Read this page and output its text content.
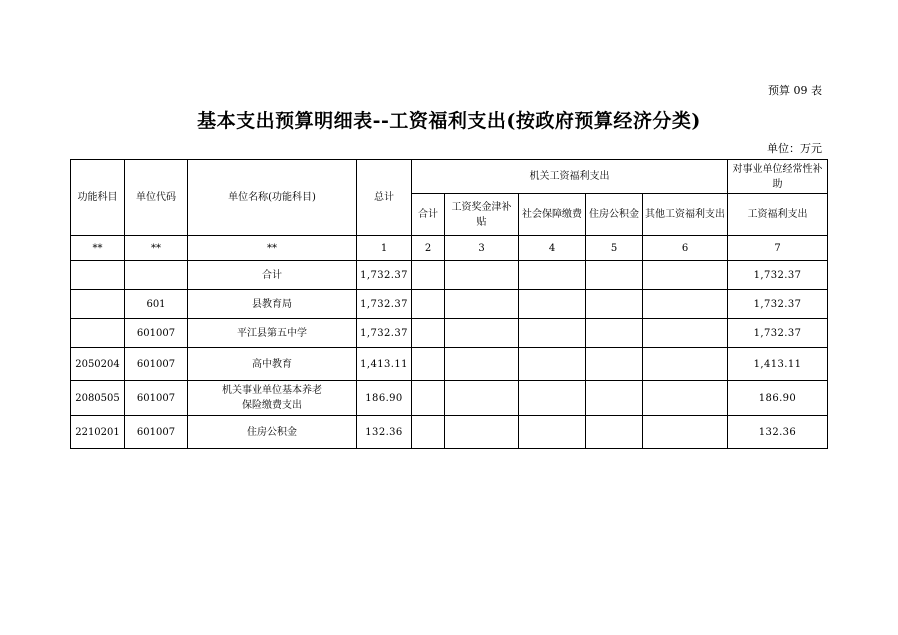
预算 09 表
基本支出预算明细表--工资福利支出(按政府预算经济分类)
单位：万元
功能科目	单位代码	单位名称(功能科目)	总计	机关工资福利支出					对事业单位经常性补助
				合计	工资奖金津补贴	社会保障缴费	住房公积金	其他工资福利支出	工资福利支出
**	**	**	1	2	3	4	5	6	7
		合计	1,732.37						1,732.37
	601	县教育局	1,732.37						1,732.37
	601007	平江县第五中学	1,732.37						1,732.37
2050204	601007	高中教育	1,413.11						1,413.11
2080505	601007	机关事业单位基本养老保险缴费支出	186.90						186.90
2210201	601007	住房公积金	132.36						132.36
